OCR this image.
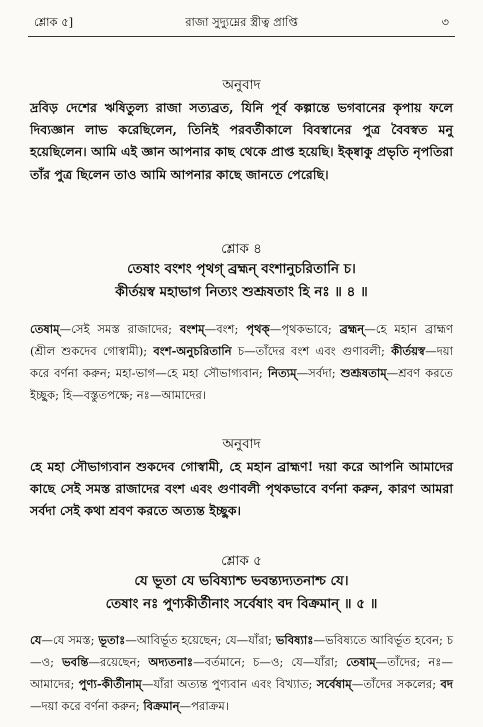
শ্লোক ৫]	রাজা সুদ্যুম্নের স্ত্রীত্ব প্রাপ্তি	৩
অনুবাদ

দ্রবিড় দেশের ঋষিতুল্য রাজা সত্যব্রত, যিনি পূর্ব কল্পান্তে ভগবানের কৃপায় ফলে দিব্যজ্ঞান লাভ করেছিলেন, তিনিই পরবর্তীকালে বিবস্বানের পুত্র বৈবস্বত মনু হয়েছিলেন। আমি এই জ্ঞান আপনার কাছ থেকে প্রাপ্ত হয়েছি। ইক্ষ্বাকু প্রভৃতি নৃপতিরা তাঁর পুত্র ছিলেন তাও আমি আপনার কাছে জানতে পেরেছি।

শ্লোক ৪

তেষাং বংশং পৃথগ্ ব্রহ্মন্ বংশানুচরিতানি চ।
কীর্তয়স্ব মহাভাগ নিত্যং শুশ্রূষতাং হি নঃ ॥ ৪ ॥

তেষাম্—সেই সমস্ত রাজাদের; বংশম্—বংশ; পৃথক্—পৃথকভাবে; ব্রহ্মন্—হে মহান ব্রাহ্মণ (শ্রীল শুকদেব গোস্বামী); বংশ-অনুচরিতানি চ—তাঁদের বংশ এবং গুণাবলী; কীর্তয়স্ব—দয়া করে বর্ণনা করুন; মহা-ভাগ—হে মহা সৌভাগ্যবান; নিত্যম্—সর্বদা; শুশ্রূষতাম্—শ্রবণ করতে ইচ্ছুক; হি—বস্তুতপক্ষে; নঃ—আমাদের।

অনুবাদ

হে মহা সৌভাগ্যবান শুকদেব গোস্বামী, হে মহান ব্রাহ্মণ! দয়া করে আপনি আমাদের কাছে সেই সমস্ত রাজাদের বংশ এবং গুণাবলী পৃথকভাবে বর্ণনা করুন, কারণ আমরা সর্বদা সেই কথা শ্রবণ করতে অত্যন্ত ইচ্ছুক।

শ্লোক ৫

যে ভূতা যে ভবিষ্যাশ্চ ভবন্ত্যদ্যতনাশ্চ যে।
তেষাং নঃ পুণ্যকীর্তীনাং সর্বেষাং বদ বিক্রমান্ ॥ ৫ ॥

যে—যে সমস্ত; ভূতাঃ—আবির্ভূত হয়েছেন; যে—যাঁরা; ভবিষ্যাঃ—ভবিষ্যতে আবির্ভূত হবেন; চ—ও; ভবন্তি—রয়েছেন; অদ্যতনাঃ—বর্তমানে; চ—ও; যে—যাঁরা; তেষাম্—তাঁদের; নঃ—আমাদের; পুণ্য-কীর্তীনাম্—যাঁরা অত্যন্ত পুণ্যবান এবং বিখ্যাত; সর্বেষাম্—তাঁদের সকলের; বদ—দয়া করে বর্ণনা করুন; বিক্রমান্—পরাক্রম।
